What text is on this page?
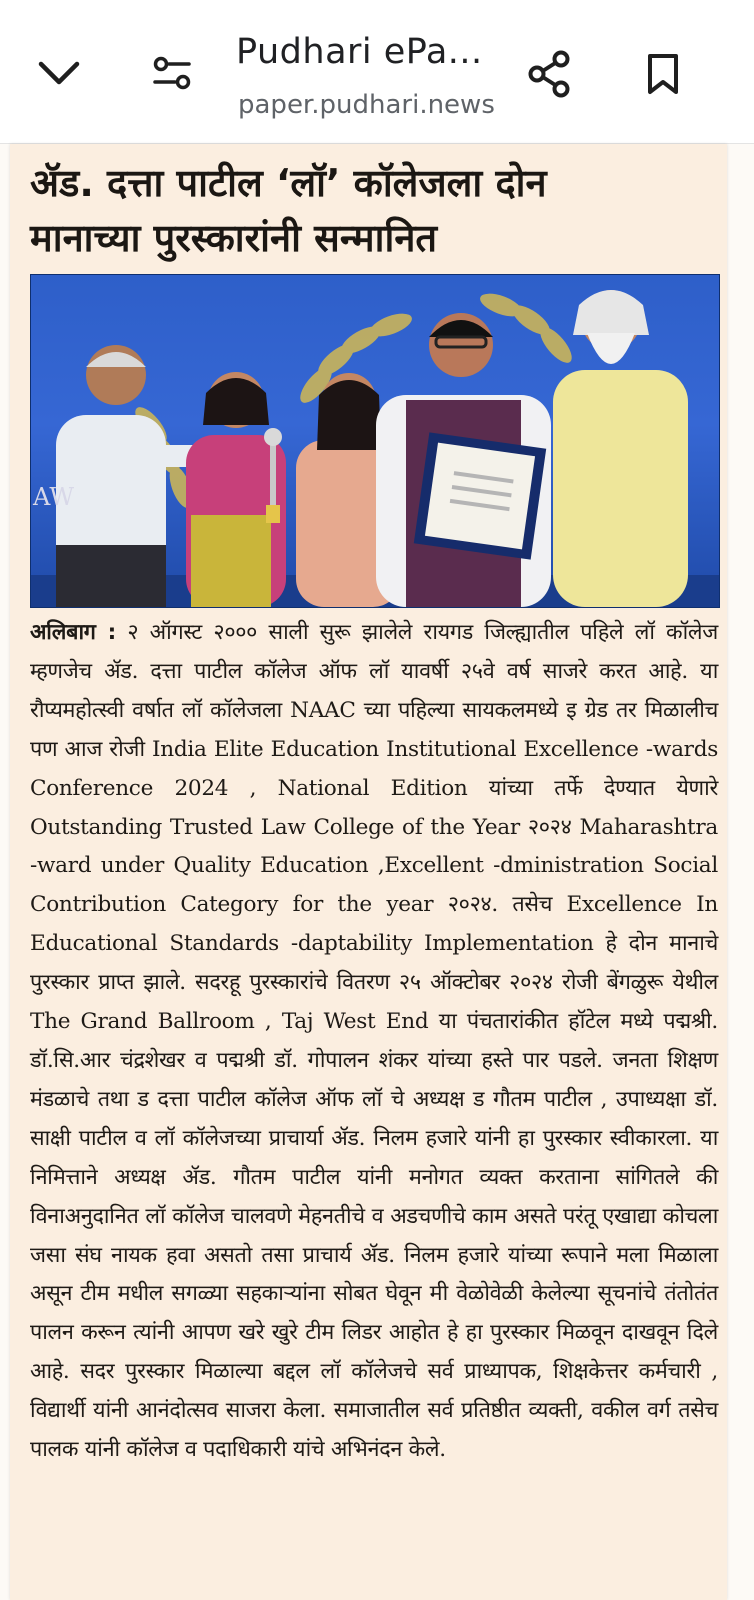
Pudhari ePa...
paper.pudhari.news
ॲड. दत्ता पाटील ‘लॉ’ कॉलेजला दोन
मानाच्या पुरस्कारांनी सन्मानित
AW

अलिबाग : २ ऑगस्ट २००० साली सुरू झालेले रायगड जिल्ह्यातील पहिले लॉ कॉलेज म्हणजेच ॲड. दत्ता पाटील कॉलेज ऑफ लॉ यावर्षी २५वे वर्ष साजरे करत आहे. या रौप्यमहोत्स्वी वर्षात लॉ कॉलेजला NAAC च्या पहिल्या सायकलमध्ये इ ग्रेड तर मिळालीच पण आज रोजी India Elite Education Institutional Excellence -wards Conference 2024 , National Edition यांच्या तर्फे देण्यात येणारे Outstanding Trusted Law College of the Year २०२४ Maharashtra -ward under Quality Education ,Excellent -dministration Social Contribution Category for the year २०२४. तसेच Excellence In Educational Standards -daptability Implementation हे दोन मानाचे पुरस्कार प्राप्त झाले. सदरहू पुरस्कारांचे वितरण २५ ऑक्टोबर २०२४ रोजी बेंगळुरू येथील The Grand Ballroom , Taj West End या पंचतारांकीत हॉटेल मध्ये पद्मश्री. डॉ.सि.आर चंद्रशेखर व पद्मश्री डॉ. गोपालन शंकर यांच्या हस्ते पार पडले. जनता शिक्षण मंडळाचे तथा ड दत्ता पाटील कॉलेज ऑफ लॉ चे अध्यक्ष ड गौतम पाटील , उपाध्यक्षा डॉ. साक्षी पाटील व लॉ कॉलेजच्या प्राचार्या ॲड. निलम हजारे यांनी हा पुरस्कार स्वीकारला. या निमित्ताने अध्यक्ष ॲड. गौतम पाटील यांनी मनोगत व्यक्त करताना सांगितले की विनाअनुदानित लॉ कॉलेज चालवणे मेहनतीचे व अडचणीचे काम असते परंतू एखाद्या कोचला जसा संघ नायक हवा असतो तसा प्राचार्य ॲड. निलम हजारे यांच्या रूपाने मला मिळाला असून टीम मधील सगळ्या सहकाऱ्यांना सोबत घेवून मी वेळोवेळी केलेल्या सूचनांचे तंतोतंत पालन करून त्यांनी आपण खरे खुरे टीम लिडर आहोत हे हा पुरस्कार मिळवून दाखवून दिले आहे. सदर पुरस्कार मिळाल्या बद्दल लॉ कॉलेजचे सर्व प्राध्यापक, शिक्षकेत्तर कर्मचारी , विद्यार्थी यांनी आनंदोत्सव साजरा केला. समाजातील सर्व प्रतिष्ठीत व्यक्ती, वकील वर्ग तसेच पालक यांनी कॉलेज व पदाधिकारी यांचे अभिनंदन केले.
